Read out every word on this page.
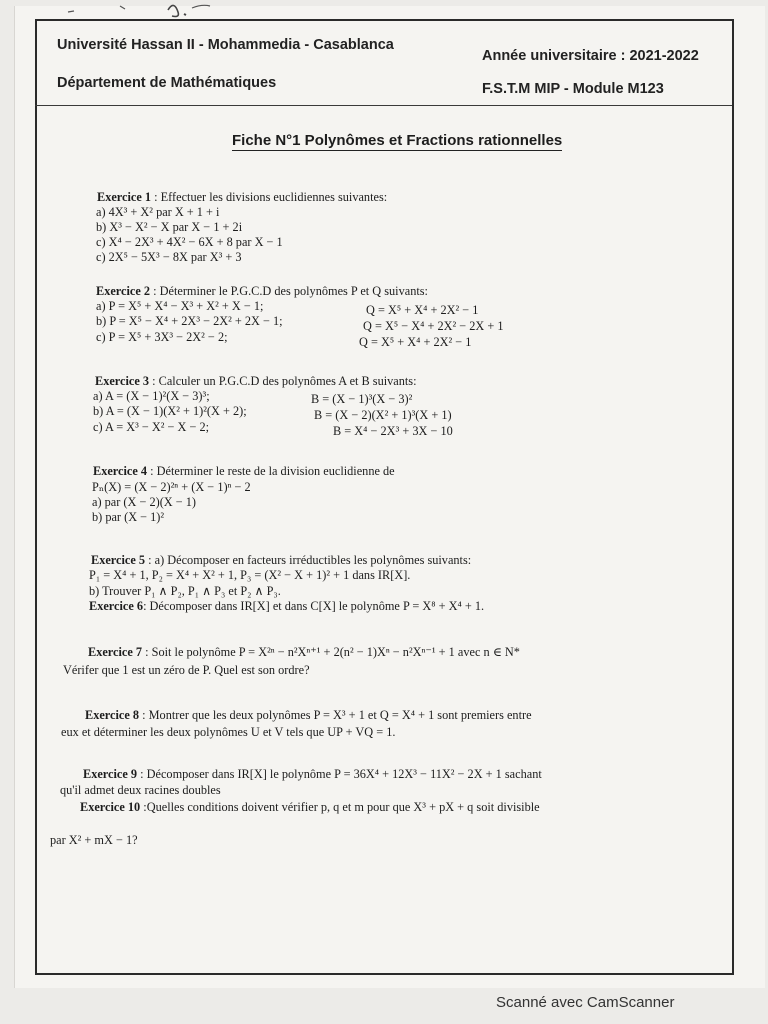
Université Hassan II - Mohammedia - Casablanca
Année universitaire : 2021-2022
Département de Mathématiques	F.S.T.M MIP - Module M123
Fiche N°1 Polynômes et Fractions rationnelles
Exercice 1 : Effectuer les divisions euclidiennes suivantes:
a) 4X³ + X² par X + 1 + i
b) X³ − X² − X par X − 1 + 2i
c) X⁴ − 2X³ + 4X² − 6X + 8 par X − 1
c) 2X⁵ − 5X³ − 8X par X³ + 3
Exercice 2 : Déterminer le P.G.C.D des polynômes P et Q suivants:
a) P = X⁵ + X⁴ − X³ + X² + X − 1;
b) P = X⁵ − X⁴ + 2X³ − 2X² + 2X − 1;
c) P = X⁵ + 3X³ − 2X² − 2;
Q = X⁵ + X⁴ + 2X² − 1
Q = X⁵ − X⁴ + 2X² − 2X + 1
Q = X⁵ + X⁴ + 2X² − 1
Exercice 3 : Calculer un P.G.C.D des polynômes A et B suivants:
a) A = (X − 1)²(X − 3)³;
b) A = (X − 1)(X² + 1)²(X + 2);
c) A = X³ − X² − X − 2;
B = (X − 1)³(X − 3)²
B = (X − 2)(X² + 1)³(X + 1)
B = X⁴ − 2X³ + 3X − 10
Exercice 4 : Déterminer le reste de la division euclidienne de
Pₙ(X) = (X − 2)²ⁿ + (X − 1)ⁿ − 2
a) par (X − 2)(X − 1)
b) par (X − 1)²
Exercice 5 : a) Décomposer en facteurs irréductibles les polynômes suivants:
P₁ = X⁴ + 1, P₂ = X⁴ + X² + 1, P₃ = (X² − X + 1)² + 1 dans IR[X].
b) Trouver P₁ ∧ P₂, P₁ ∧ P₃ et P₂ ∧ P₃.
Exercice 6: Décomposer dans IR[X] et dans C[X] le polynôme P = X⁸ + X⁴ + 1.
Exercice 7 : Soit le polynôme P = X²ⁿ − n²Xⁿ⁺¹ + 2(n² − 1)Xⁿ − n²Xⁿ⁻¹ + 1 avec n ∈ N*
Vérifer que 1 est un zéro de P. Quel est son ordre?
Exercice 8 : Montrer que les deux polynômes P = X³ + 1 et Q = X⁴ + 1 sont premiers entre
eux et déterminer les deux polynômes U et V tels que UP + VQ = 1.
Exercice 9 : Décomposer dans IR[X] le polynôme P = 36X⁴ + 12X³ − 11X² − 2X + 1 sachant
qu'il admet deux racines doubles
Exercice 10 :Quelles conditions doivent vérifier p, q et m pour que X³ + pX + q soit divisible
par X² + mX − 1?
Scanné avec CamScanner
